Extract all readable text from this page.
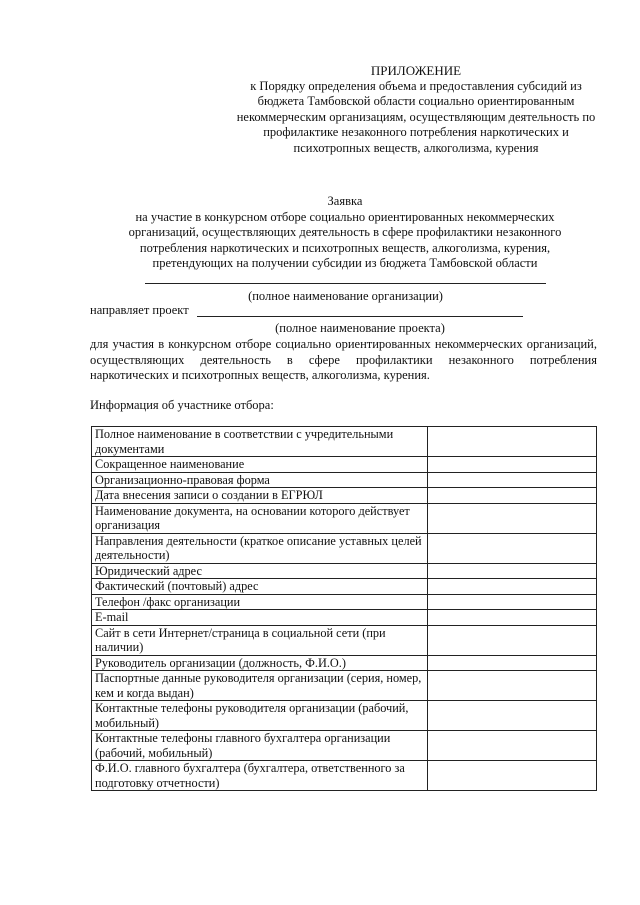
ПРИЛОЖЕНИЕ
к Порядку определения объема и предоставления субсидий из
бюджета Тамбовской области социально ориентированным
некоммерческим организациям, осуществляющим деятельность по
профилактике незаконного потребления наркотических и
психотропных веществ, алкоголизма, курения
Заявка
на участие в конкурсном отборе социально ориентированных некоммерческих
организаций, осуществляющих деятельность в сфере профилактики незаконного
потребления наркотических и психотропных веществ, алкоголизма, курения,
претендующих на получении субсидии из бюджета Тамбовской области
(полное наименование организации)
направляет проект
(полное наименование проекта)
для участия в конкурсном отборе социально ориентированных некоммерческих организаций, осуществляющих деятельность в сфере профилактики незаконного потребления наркотических и психотропных веществ, алкоголизма, курения.
Информация об участнике отбора:
Полное наименование в соответствии с учредительными документами	
Сокращенное наименование	
Организационно-правовая форма	
Дата внесения записи о создании в ЕГРЮЛ	
Наименование документа, на основании которого действует организация	
Направления деятельности (краткое описание уставных целей деятельности)	
Юридический адрес	
Фактический (почтовый) адрес	
Телефон /факс организации	
E-mail	
Сайт в сети Интернет/страница в социальной сети (при наличии)	
Руководитель организации (должность, Ф.И.О.)	
Паспортные данные руководителя организации (серия, номер, кем и когда выдан)	
Контактные телефоны руководителя организации (рабочий, мобильный)	
Контактные телефоны главного бухгалтера организации (рабочий, мобильный)	
Ф.И.О. главного бухгалтера (бухгалтера, ответственного за подготовку отчетности)	
